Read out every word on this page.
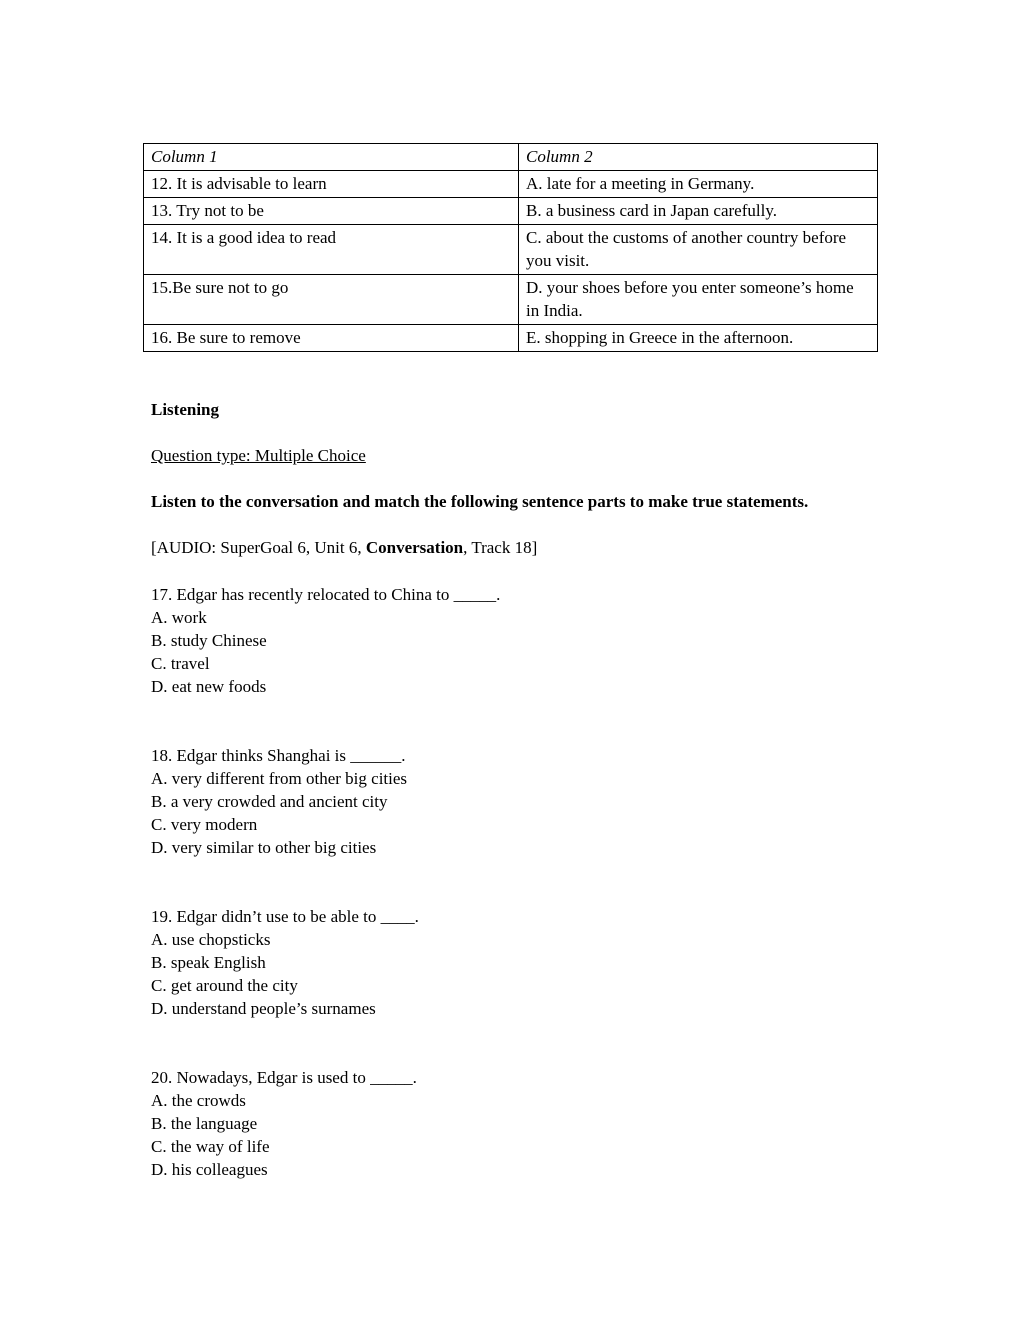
Column 1	Column 2
12. It is advisable to learn	A. late for a meeting in Germany.
13. Try not to be	B. a business card in Japan carefully.
14. It is a good idea to read	C. about the customs of another country before you visit.
15.Be sure not to go	D. your shoes before you enter someone’s home in India.
16. Be sure to remove	E. shopping in Greece in the afternoon.
Listening
Question type: Multiple Choice
Listen to the conversation and match the following sentence parts to make true statements.
[AUDIO: SuperGoal 6, Unit 6, Conversation, Track 18]
17. Edgar has recently relocated to China to _____.
A. work
B. study Chinese
C. travel
D. eat new foods
18. Edgar thinks Shanghai is ______.
A. very different from other big cities
B. a very crowded and ancient city
C. very modern
D. very similar to other big cities
19. Edgar didn’t use to be able to ____.
A. use chopsticks
B. speak English
C. get around the city
D. understand people’s surnames
20. Nowadays, Edgar is used to _____.
A. the crowds
B. the language
C. the way of life
D. his colleagues
